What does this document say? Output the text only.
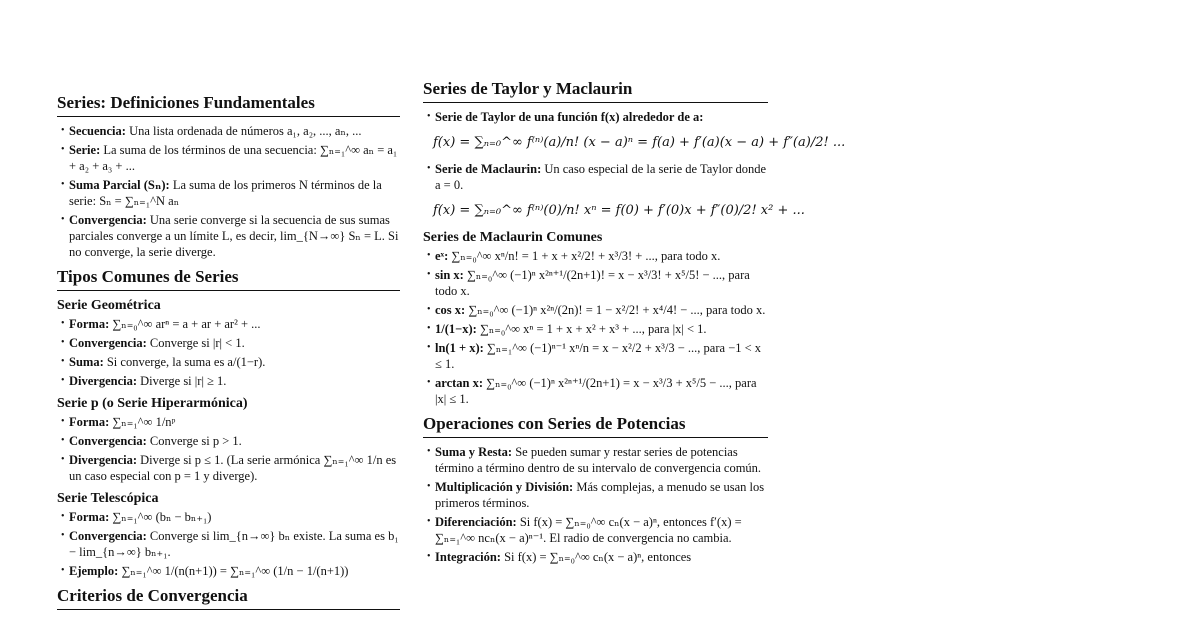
Series: Definiciones Fundamentales
• Secuencia: Una lista ordenada de números a₁, a₂, ..., aₙ, ...
• Serie: La suma de los términos de una secuencia: ∑ₙ₌₁^∞ aₙ = a₁ + a₂ + a₃ + ...
• Suma Parcial (Sₙ): La suma de los primeros N términos de la serie: Sₙ = ∑ₙ₌₁^N aₙ
• Convergencia: Una serie converge si la secuencia de sus sumas parciales converge a un límite L, es decir, lim_{N→∞} Sₙ = L. Si no converge, la serie diverge.
Tipos Comunes de Series
Serie Geométrica
• Forma: ∑ₙ₌₀^∞ arⁿ = a + ar + ar² + ...
• Convergencia: Converge si |r| < 1.
• Suma: Si converge, la suma es a/(1−r).
• Divergencia: Diverge si |r| ≥ 1.
Serie p (o Serie Hiperarmónica)
• Forma: ∑ₙ₌₁^∞ 1/nᵖ
• Convergencia: Converge si p > 1.
• Divergencia: Diverge si p ≤ 1. (La serie armónica ∑ₙ₌₁^∞ 1/n es un caso especial con p = 1 y diverge).
Serie Telescópica
• Forma: ∑ₙ₌₁^∞ (bₙ − bₙ₊₁)
• Convergencia: Converge si lim_{n→∞} bₙ existe. La suma es b₁ − lim_{n→∞} bₙ₊₁.
• Ejemplo: ∑ₙ₌₁^∞ 1/(n(n+1)) = ∑ₙ₌₁^∞ (1/n − 1/(n+1))
Criterios de Convergencia
Series de Taylor y Maclaurin
• Serie de Taylor de una función f(x) alrededor de a:
f(x) = ∑ₙ₌₀^∞ f⁽ⁿ⁾(a)/n! (x − a)ⁿ = f(a) + f′(a)(x − a) + f″(a)/2! ...
• Serie de Maclaurin: Un caso especial de la serie de Taylor donde a = 0.
f(x) = ∑ₙ₌₀^∞ f⁽ⁿ⁾(0)/n! xⁿ = f(0) + f′(0)x + f″(0)/2! x² + ...
Series de Maclaurin Comunes
• eˣ: ∑ₙ₌₀^∞ xⁿ/n! = 1 + x + x²/2! + x³/3! + ..., para todo x.
• sin x: ∑ₙ₌₀^∞ (−1)ⁿ x²ⁿ⁺¹/(2n+1)! = x − x³/3! + x⁵/5! − ..., para todo x.
• cos x: ∑ₙ₌₀^∞ (−1)ⁿ x²ⁿ/(2n)! = 1 − x²/2! + x⁴/4! − ..., para todo x.
• 1/(1−x): ∑ₙ₌₀^∞ xⁿ = 1 + x + x² + x³ + ..., para |x| < 1.
• ln(1 + x): ∑ₙ₌₁^∞ (−1)ⁿ⁻¹ xⁿ/n = x − x²/2 + x³/3 − ..., para −1 < x ≤ 1.
• arctan x: ∑ₙ₌₀^∞ (−1)ⁿ x²ⁿ⁺¹/(2n+1) = x − x³/3 + x⁵/5 − ..., para |x| ≤ 1.
Operaciones con Series de Potencias
• Suma y Resta: Se pueden sumar y restar series de potencias término a término dentro de su intervalo de convergencia común.
• Multiplicación y División: Más complejas, a menudo se usan los primeros términos.
• Diferenciación: Si f(x) = ∑ₙ₌₀^∞ cₙ(x − a)ⁿ, entonces f′(x) = ∑ₙ₌₁^∞ ncₙ(x − a)ⁿ⁻¹. El radio de convergencia no cambia.
• Integración: Si f(x) = ∑ₙ₌₀^∞ cₙ(x − a)ⁿ, entonces
